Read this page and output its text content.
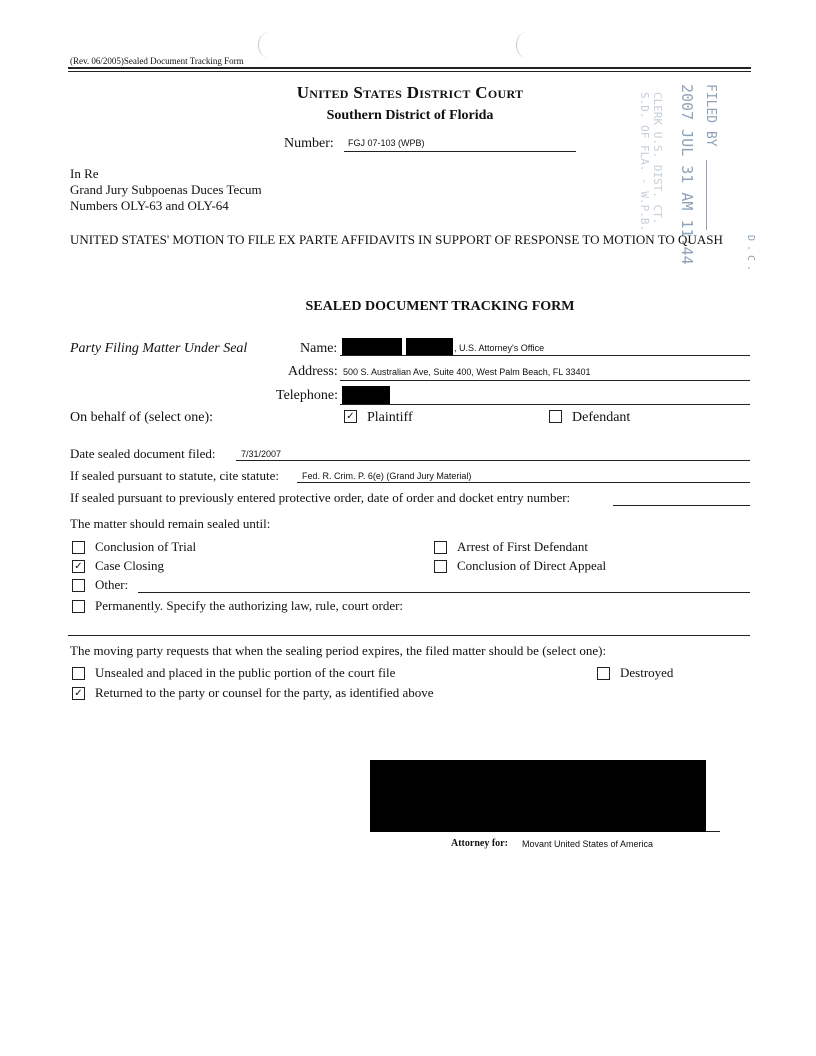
(Rev. 06/2005)Sealed Document Tracking Form
United States District Court
Southern District of Florida
Number: FGJ 07-103 (WPB)	FILED BY
2007 JUL 31 AM 11:44
CLERK U.S. DIST. CT.
S.D. OF FLA. - W.P.B.
D.C.
In Re
Grand Jury Subpoenas Duces Tecum
Numbers OLY-63 and OLY-64
UNITED STATES' MOTION TO FILE EX PARTE AFFIDAVITS IN SUPPORT OF RESPONSE TO MOTION TO QUASH
SEALED DOCUMENT TRACKING FORM
Party Filing Matter Under Seal	Name:	, U.S. Attorney's Office
Address: 500 S. Australian Ave, Suite 400, West Palm Beach, FL 33401
Telephone:
On behalf of (select one):	✓ Plaintiff	Defendant
Date sealed document filed:	7/31/2007
If sealed pursuant to statute, cite statute:	Fed. R. Crim. P. 6(e) (Grand Jury Material)
If sealed pursuant to previously entered protective order, date of order and docket entry number:
The matter should remain sealed until:
Conclusion of Trial	Arrest of First Defendant
✓ Case Closing	Conclusion of Direct Appeal
Other:
Permanently. Specify the authorizing law, rule, court order:
The moving party requests that when the sealing period expires, the filed matter should be (select one):
Unsealed and placed in the public portion of the court file	Destroyed
✓ Returned to the party or counsel for the party, as identified above
Attorney for: Movant United States of America
